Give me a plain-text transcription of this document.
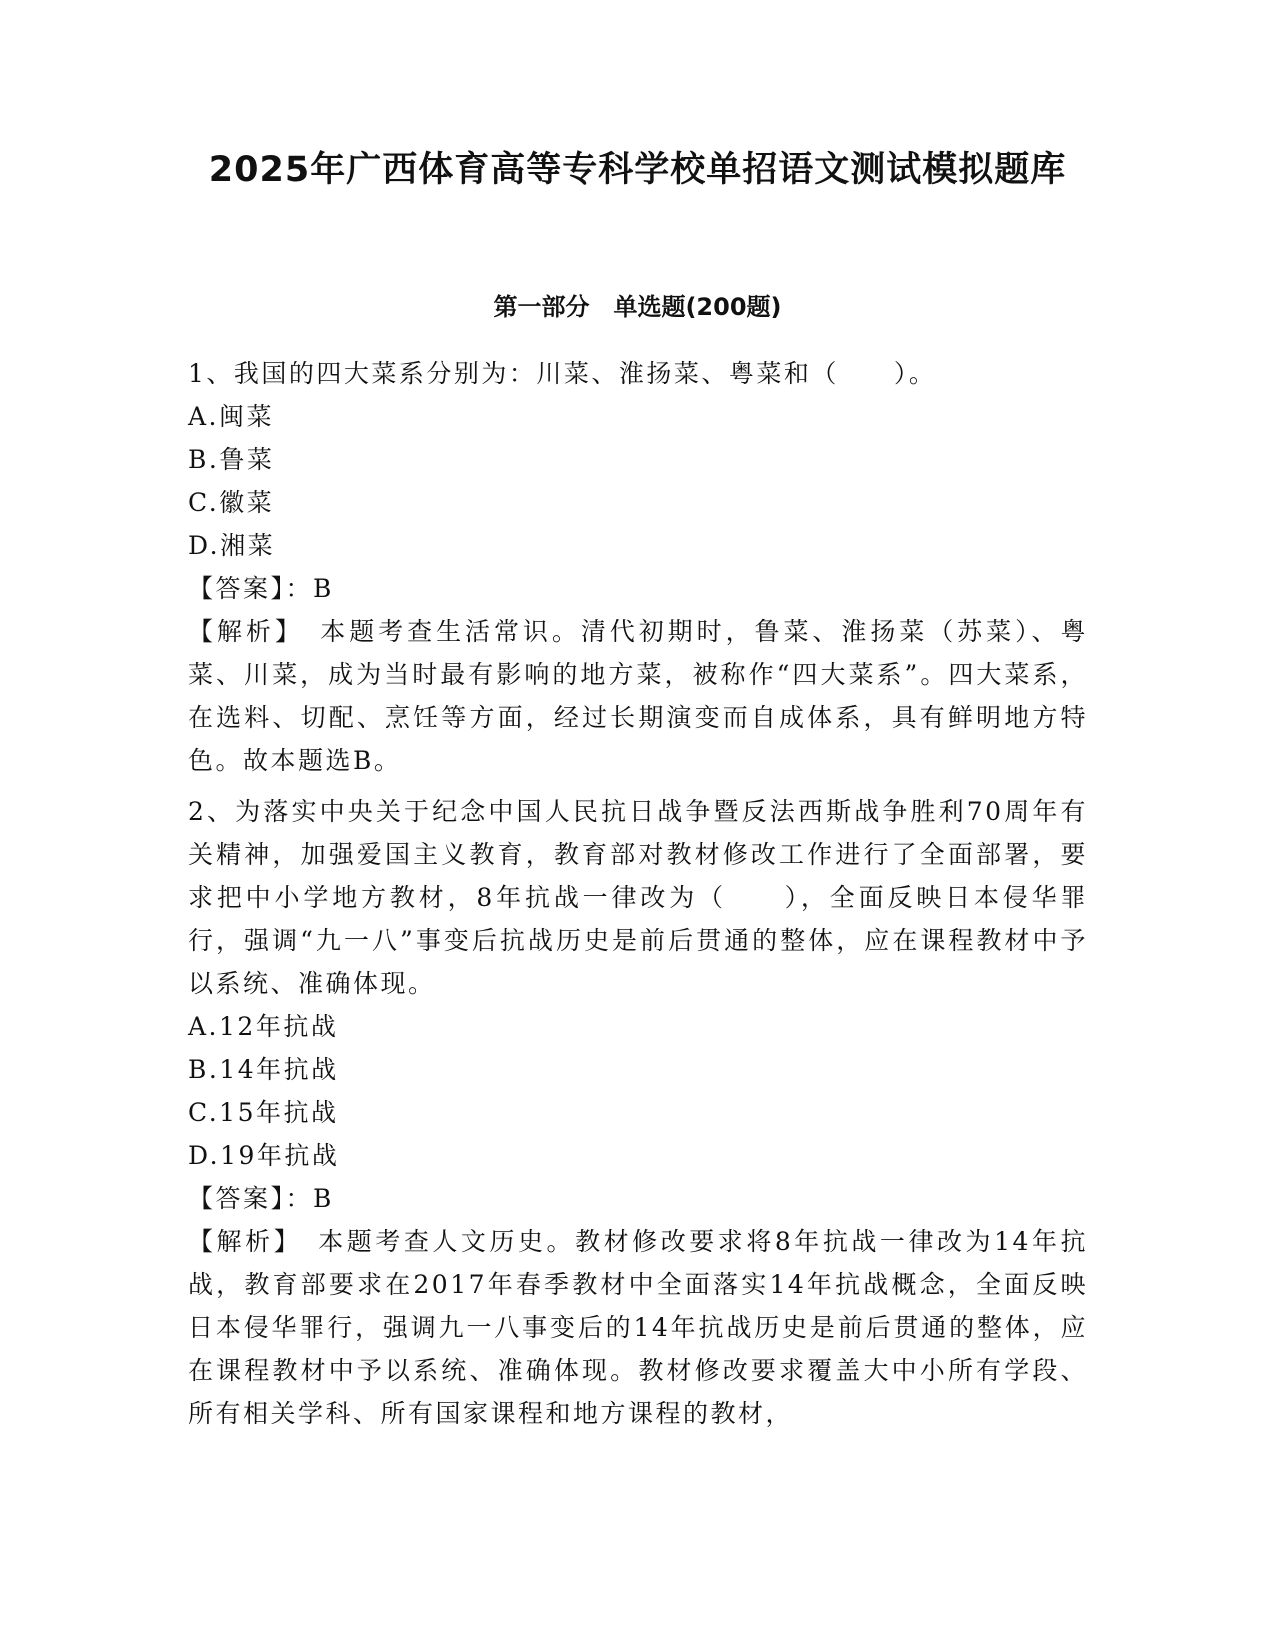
2025年广西体育高等专科学校单招语文测试模拟题库
第一部分　单选题(200题)
1、我国的四大菜系分别为：川菜、淮扬菜、粤菜和（　　）。
A.闽菜
B.鲁菜
C.徽菜
D.湘菜
【答案】：B

【解析】　本题考查生活常识。清代初期时，鲁菜、淮扬菜（苏菜）、粤菜、川菜，成为当时最有影响的地方菜，被称作“四大菜系”。四大菜系，在选料、切配、烹饪等方面，经过长期演变而自成体系，具有鲜明地方特色。故本题选B。

2、为落实中央关于纪念中国人民抗日战争暨反法西斯战争胜利70周年有关精神，加强爱国主义教育，教育部对教材修改工作进行了全面部署，要求把中小学地方教材，8年抗战一律改为（　　），全面反映日本侵华罪行，强调“九一八”事变后抗战历史是前后贯通的整体，应在课程教材中予以系统、准确体现。

A.12年抗战
B.14年抗战
C.15年抗战
D.19年抗战
【答案】：B

【解析】　本题考查人文历史。教材修改要求将8年抗战一律改为14年抗战，教育部要求在2017年春季教材中全面落实14年抗战概念，全面反映日本侵华罪行，强调九一八事变后的14年抗战历史是前后贯通的整体，应在课程教材中予以系统、准确体现。教材修改要求覆盖大中小所有学段、所有相关学科、所有国家课程和地方课程的教材，
